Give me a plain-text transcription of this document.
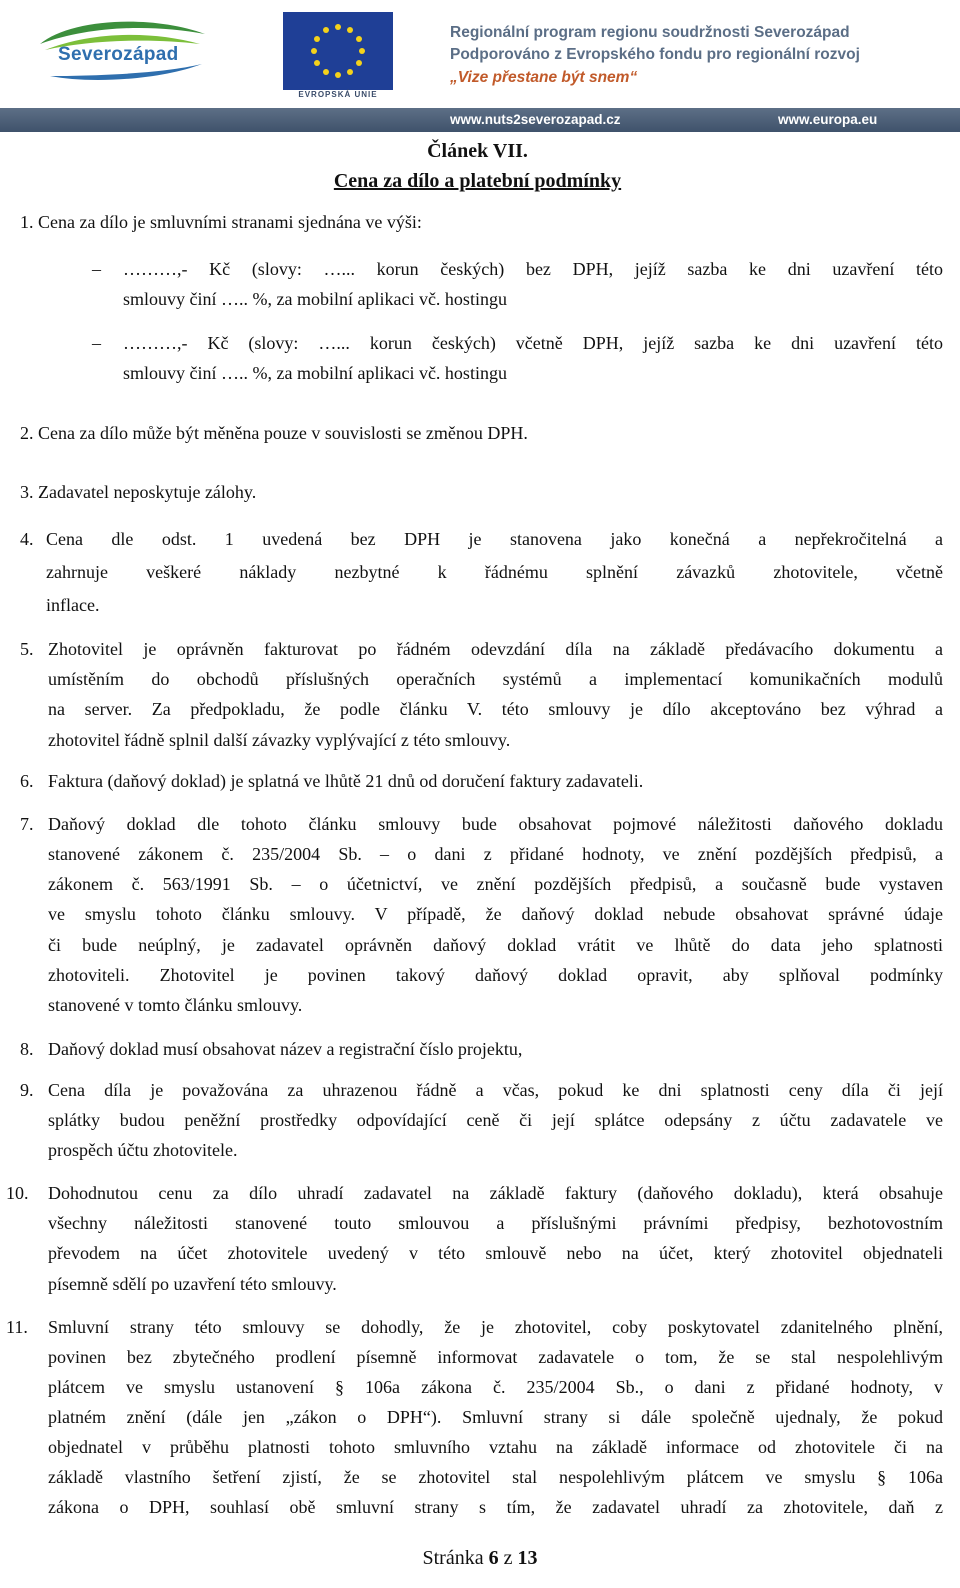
Severozápad
EVROPSKÁ UNIE
Regionální program regionu soudržnosti Severozápad
Podporováno z Evropského fondu pro regionální rozvoj
„Vize přestane být snem“
www.nuts2severozapad.cz	www.europa.eu
Článek VII.
Cena za dílo a platební podmínky
1. Cena za dílo je smluvními stranami sjednána ve výši:
– ………,- Kč (slovy: …... korun českých) bez DPH, jejíž sazba ke dni uzavření této
smlouvy činí ….. %, za mobilní aplikaci vč. hostingu
– ………,- Kč (slovy: …... korun českých) včetně DPH, jejíž sazba ke dni uzavření této
smlouvy činí ….. %, za mobilní aplikaci vč. hostingu
2. Cena za dílo může být měněna pouze v souvislosti se změnou DPH.
3. Zadavatel neposkytuje zálohy.
4. Cena dle odst. 1 uvedená bez DPH je stanovena jako konečná a nepřekročitelná a
zahrnuje veškeré náklady nezbytné k řádnému splnění závazků zhotovitele, včetně
inflace.
5. Zhotovitel je oprávněn fakturovat po řádném odevzdání díla na základě předávacího dokumentu a
umístěním do obchodů příslušných operačních systémů a implementací komunikačních modulů
na server. Za předpokladu, že podle článku V. této smlouvy je dílo akceptováno bez výhrad a
zhotovitel řádně splnil další závazky vyplývající z této smlouvy.
6. Faktura (daňový doklad) je splatná ve lhůtě 21 dnů od doručení faktury zadavateli.
7. Daňový doklad dle tohoto článku smlouvy bude obsahovat pojmové náležitosti daňového dokladu
stanovené zákonem č. 235/2004 Sb. – o dani z přidané hodnoty, ve znění pozdějších předpisů, a
zákonem č. 563/1991 Sb. – o účetnictví, ve znění pozdějších předpisů, a současně bude vystaven
ve smyslu tohoto článku smlouvy. V případě, že daňový doklad nebude obsahovat správné údaje
či bude neúplný, je zadavatel oprávněn daňový doklad vrátit ve lhůtě do data jeho splatnosti
zhotoviteli. Zhotovitel je povinen takový daňový doklad opravit, aby splňoval podmínky
stanovené v tomto článku smlouvy.
8. Daňový doklad musí obsahovat název a registrační číslo projektu,
9. Cena díla je považována za uhrazenou řádně a včas, pokud ke dni splatnosti ceny díla či její
splátky budou peněžní prostředky odpovídající ceně či její splátce odepsány z účtu zadavatele ve
prospěch účtu zhotovitele.
10. Dohodnutou cenu za dílo uhradí zadavatel na základě faktury (daňového dokladu), která obsahuje
všechny náležitosti stanovené touto smlouvou a příslušnými právními předpisy, bezhotovostním
převodem na účet zhotovitele uvedený v této smlouvě nebo na účet, který zhotovitel objednateli
písemně sdělí po uzavření této smlouvy.
11. Smluvní strany této smlouvy se dohodly, že je zhotovitel, coby poskytovatel zdanitelného plnění,
povinen bez zbytečného prodlení písemně informovat zadavatele o tom, že se stal nespolehlivým
plátcem ve smyslu ustanovení § 106a zákona č. 235/2004 Sb., o dani z přidané hodnoty, v
platném znění (dále jen „zákon o DPH“). Smluvní strany si dále společně ujednaly, že pokud
objednatel v průběhu platnosti tohoto smluvního vztahu na základě informace od zhotovitele či na
základě vlastního šetření zjistí, že se zhotovitel stal nespolehlivým plátcem ve smyslu § 106a
zákona o DPH, souhlasí obě smluvní strany s tím, že zadavatel uhradí za zhotovitele, daň z
Stránka 6 z 13
